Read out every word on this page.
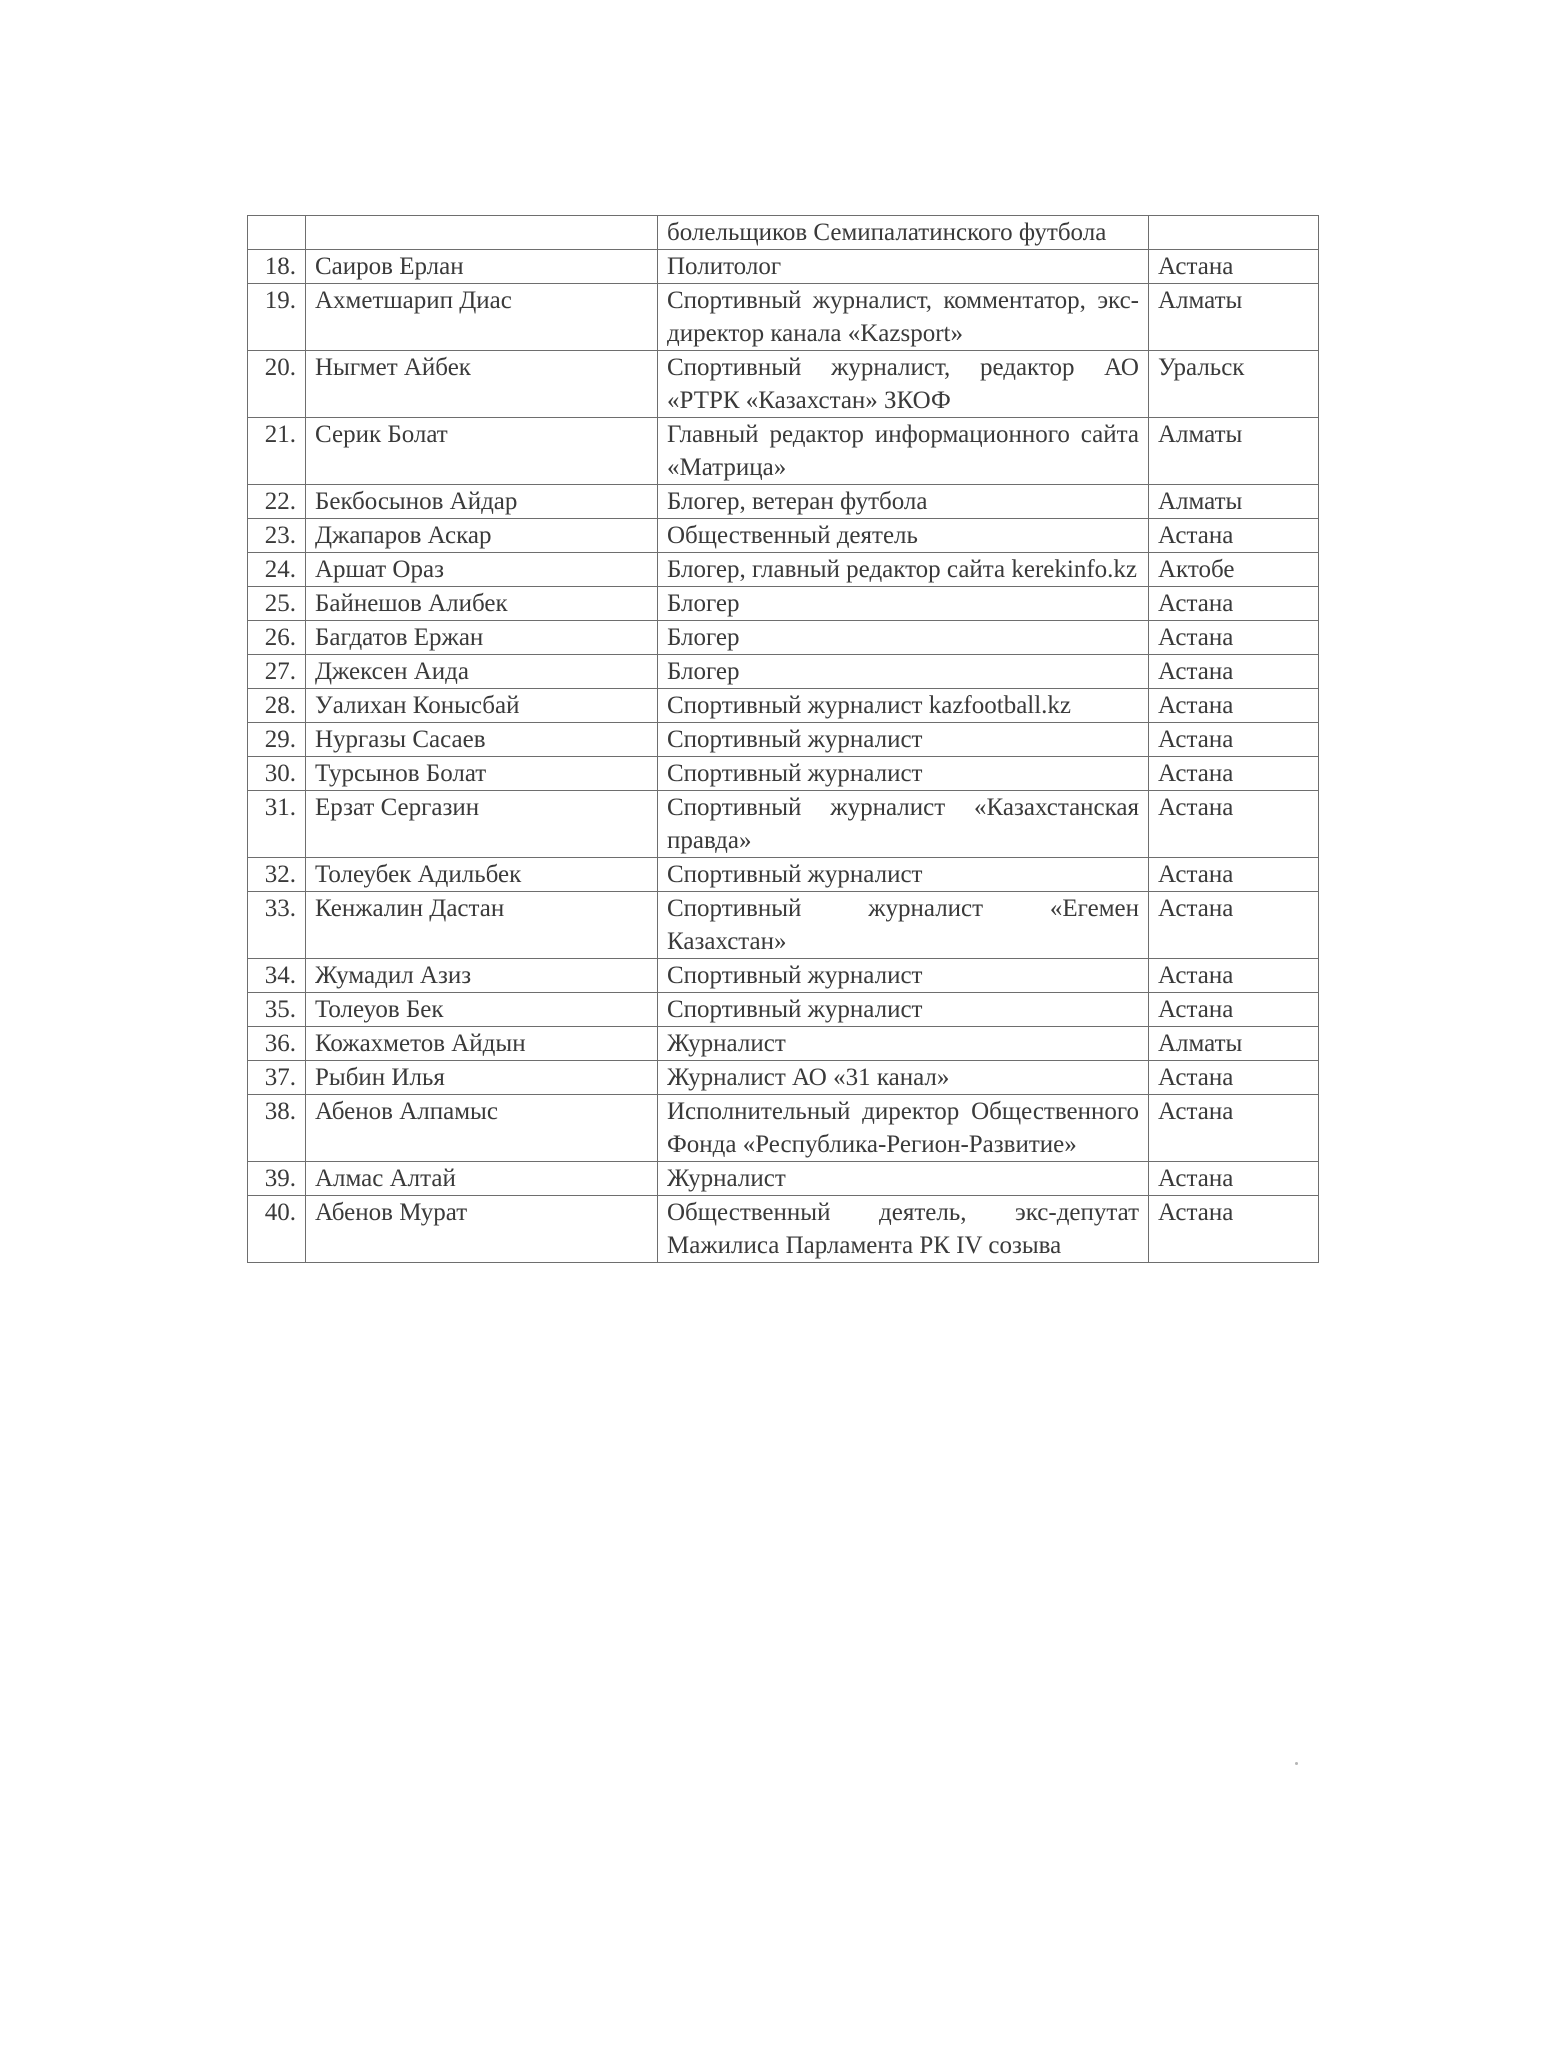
		болельщиков Семипалатинского футбола	
18.	Саиров Ерлан	Политолог	Астана
19.	Ахметшарип Диас	Спортивный журналист, комментатор, экс-директор канала «Kazsport»	Алматы
20.	Ныгмет Айбек	Спортивный журналист, редактор АО «РТРК «Казахстан» ЗКОФ	Уральск
21.	Серик Болат	Главный редактор информационного сайта «Матрица»	Алматы
22.	Бекбосынов Айдар	Блогер, ветеран футбола	Алматы
23.	Джапаров Аскар	Общественный деятель	Астана
24.	Аршат Ораз	Блогер, главный редактор сайта kerekinfo.kz	Актобе
25.	Байнешов Алибек	Блогер	Астана
26.	Багдатов Ержан	Блогер	Астана
27.	Джексен Аида	Блогер	Астана
28.	Уалихан Конысбай	Спортивный журналист kazfootball.kz	Астана
29.	Нургазы Сасаев	Спортивный журналист	Астана
30.	Турсынов Болат	Спортивный журналист	Астана
31.	Ерзат Сергазин	Спортивный журналист «Казахстанская правда»	Астана
32.	Толеубек Адильбек	Спортивный журналист	Астана
33.	Кенжалин Дастан	Спортивный журналист «Егемен Казахстан»	Астана
34.	Жумадил Азиз	Спортивный журналист	Астана
35.	Толеуов Бек	Спортивный журналист	Астана
36.	Кожахметов Айдын	Журналист	Алматы
37.	Рыбин Илья	Журналист АО «31 канал»	Астана
38.	Абенов Алпамыс	Исполнительный директор Общественного Фонда «Республика-Регион-Развитие»	Астана
39.	Алмас Алтай	Журналист	Астана
40.	Абенов Мурат	Общественный деятель, экс-депутат Мажилиса Парламента РК IV созыва	Астана
